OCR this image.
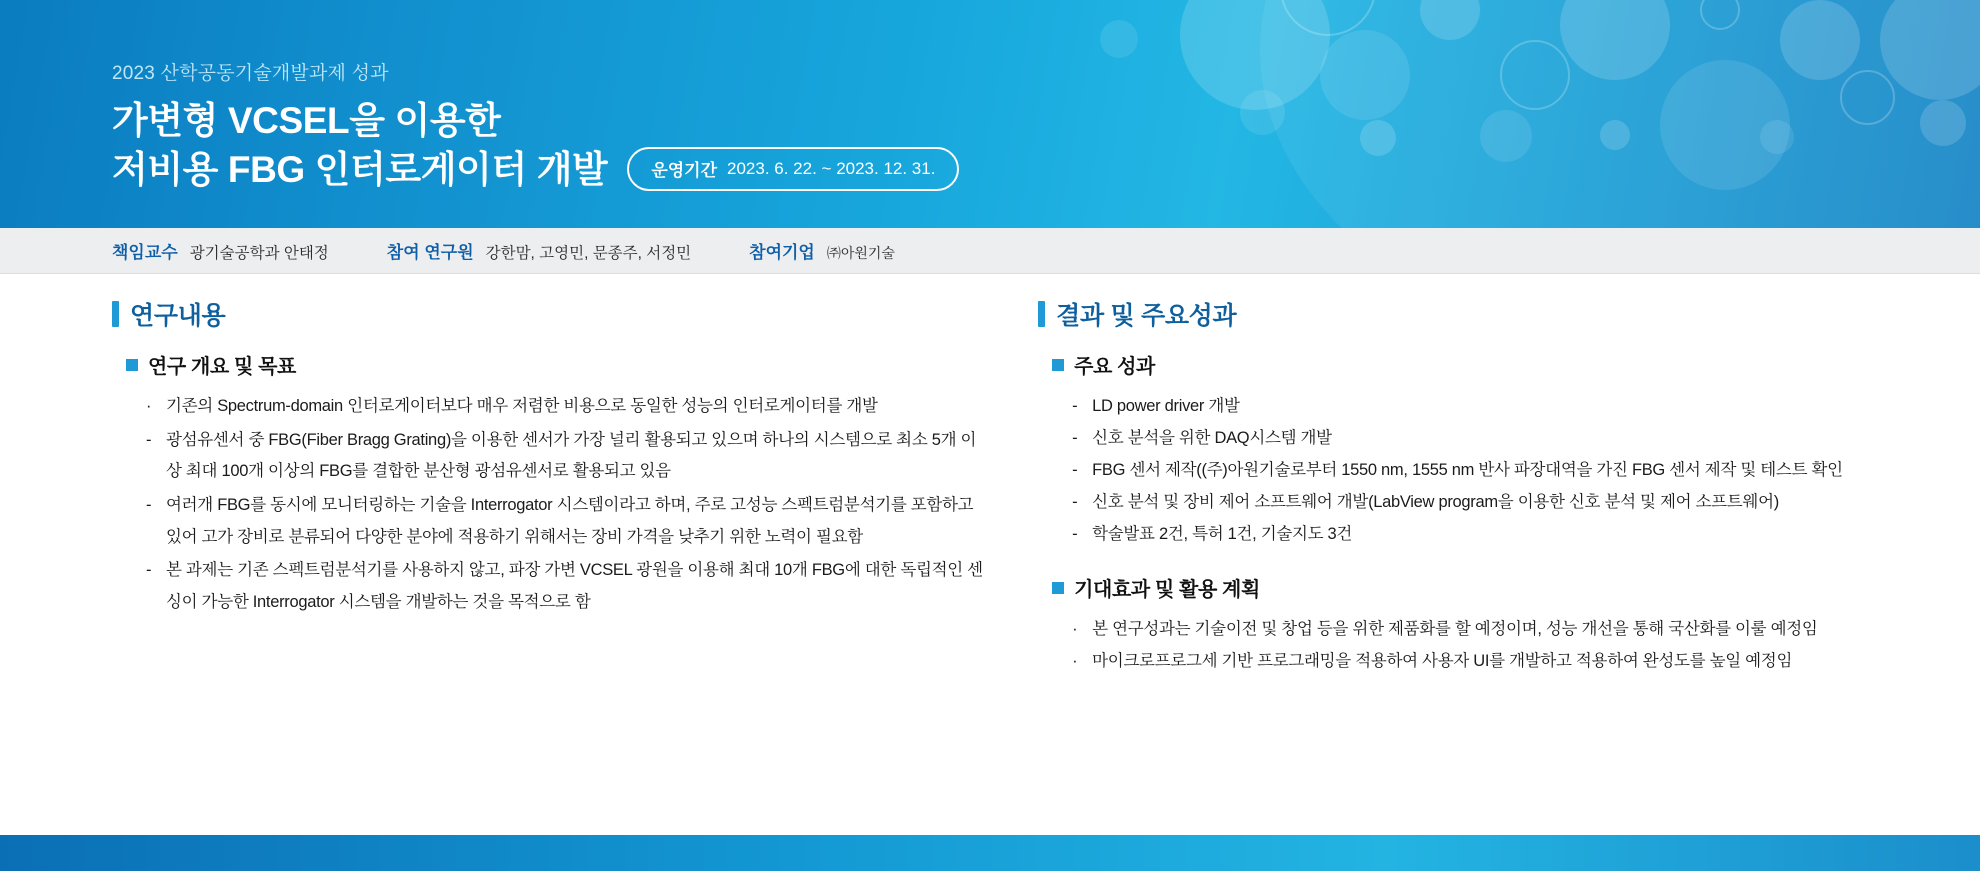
2023 산학공동기술개발과제 성과
가변형 VCSEL을 이용한
저비용 FBG 인터로게이터 개발	운영기간 2023. 6. 22. ~ 2023. 12. 31.
책임교수 광기술공학과 안태정	참여 연구원 강한맘, 고영민, 문종주, 서정민	참여기업 ㈜아원기술
연구내용
연구 개요 및 목표
· 기존의 Spectrum-domain 인터로게이터보다 매우 저렴한 비용으로 동일한 성능의 인터로게이터를 개발
- 광섬유센서 중 FBG(Fiber Bragg Grating)을 이용한 센서가 가장 널리 활용되고 있으며 하나의 시스템으로 최소 5개 이상 최대 100개 이상의 FBG를 결합한 분산형 광섬유센서로 활용되고 있음
- 여러개 FBG를 동시에 모니터링하는 기술을 Interrogator 시스템이라고 하며, 주로 고성능 스펙트럼분석기를 포함하고 있어 고가 장비로 분류되어 다양한 분야에 적용하기 위해서는 장비 가격을 낮추기 위한 노력이 필요함
- 본 과제는 기존 스펙트럼분석기를 사용하지 않고, 파장 가변 VCSEL 광원을 이용해 최대 10개 FBG에 대한 독립적인 센싱이 가능한 Interrogator 시스템을 개발하는 것을 목적으로 함
결과 및 주요성과
주요 성과
- LD power driver 개발
- 신호 분석을 위한 DAQ시스템 개발
- FBG 센서 제작((주)아원기술로부터 1550 nm, 1555 nm 반사 파장대역을 가진 FBG 센서 제작 및 테스트 확인
- 신호 분석 및 장비 제어 소프트웨어 개발(LabView program을 이용한 신호 분석 및 제어 소프트웨어)
- 학술발표 2건, 특허 1건, 기술지도 3건
기대효과 및 활용 계획
· 본 연구성과는 기술이전 및 창업 등을 위한 제품화를 할 예정이며, 성능 개선을 통해 국산화를 이룰 예정임
· 마이크로프로그세 기반 프로그래밍을 적용하여 사용자 UI를 개발하고 적용하여 완성도를 높일 예정임
